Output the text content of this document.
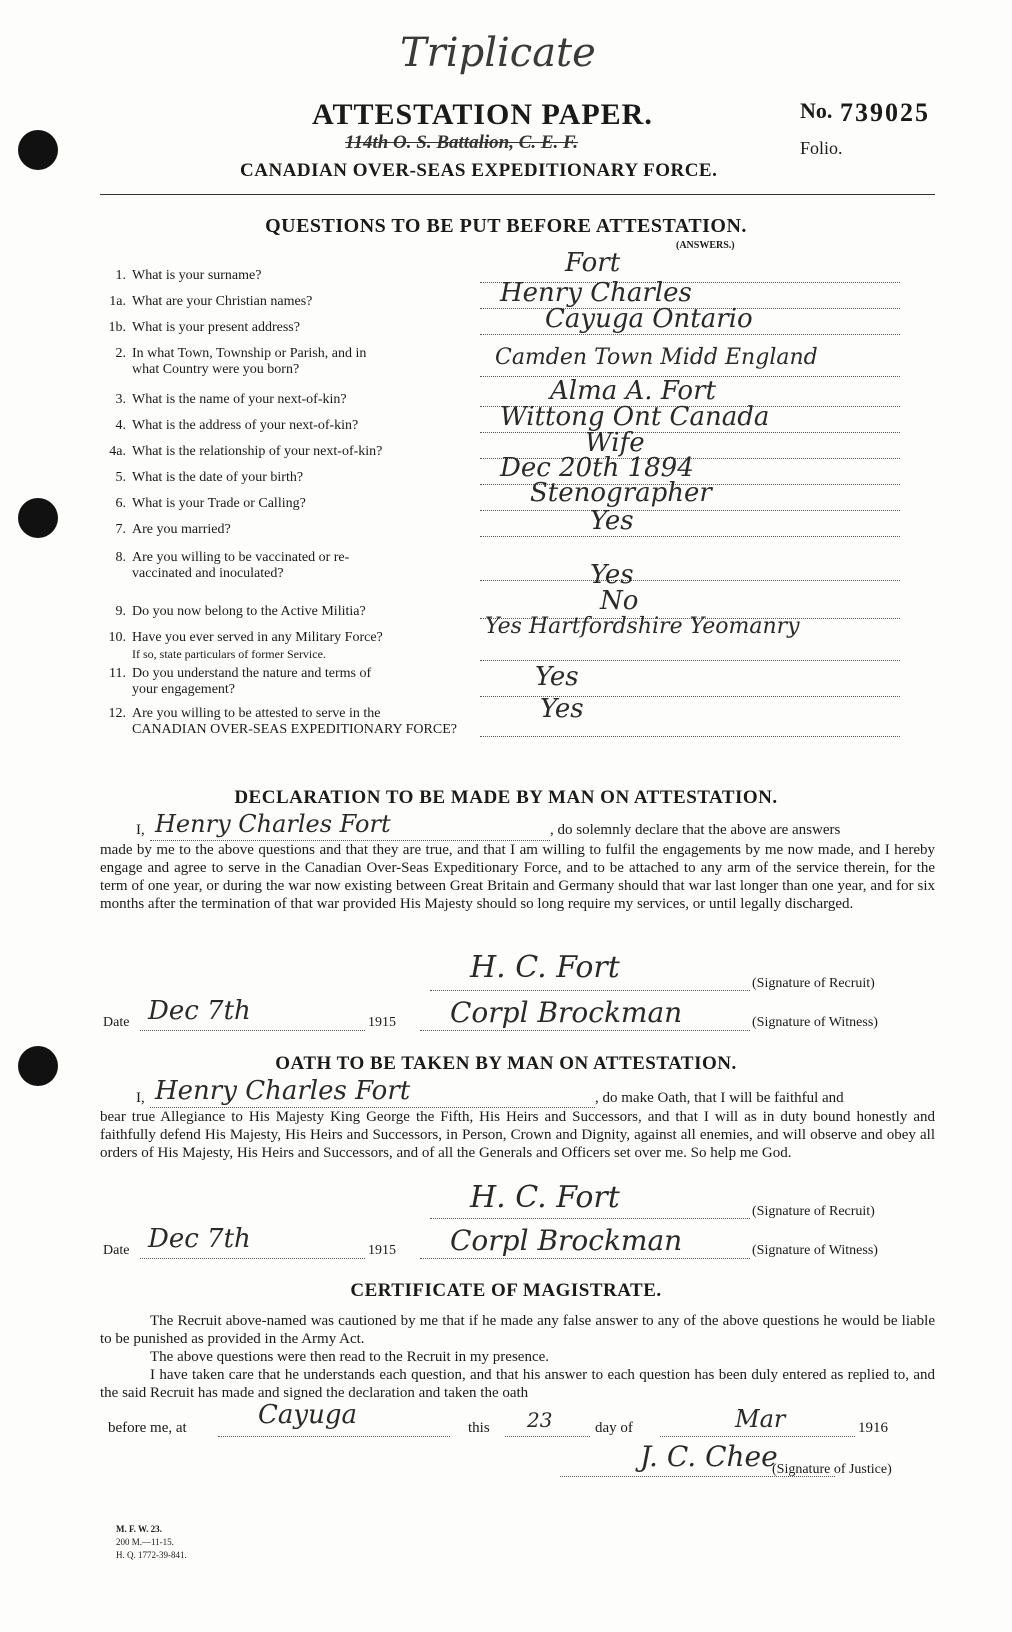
Triplicate
ATTESTATION PAPER.	No. 739025
Folio.
114th O. S. Battalion, C. E. F.
CANADIAN OVER-SEAS EXPEDITIONARY FORCE.
QUESTIONS TO BE PUT BEFORE ATTESTATION.
(ANSWERS.)
1. What is your surname?	Fort
1a. What are your Christian names?	Henry Charles
1b. What is your present address?	Cayuga Ontario
2. In what Town, Township or Parish, and in
what Country were you born?	Camden Town Midd England
3. What is the name of your next-of-kin?	Alma A. Fort
4. What is the address of your next-of-kin?	Wittong Ont Canada
4a. What is the relationship of your next-of-kin?	Wife
5. What is the date of your birth?	Dec 20th 1894
6. What is your Trade or Calling?	Stenographer
7. Are you married?	Yes
8. Are you willing to be vaccinated or re-
vaccinated and inoculated?	Yes
9. Do you now belong to the Active Militia?	No
10. Have you ever served in any Military Force?
If so, state particulars of former Service.
Yes Hartfordshire Yeomanry
11. Do you understand the nature and terms of
your engagement?	Yes
12. Are you willing to be attested to serve in the
CANADIAN OVER-SEAS EXPEDITIONARY FORCE?
Yes
DECLARATION TO BE MADE BY MAN ON ATTESTATION.
I, Henry Charles Fort	, do solemnly declare that the above are answers
made by me to the above questions and that they are true, and that I am willing to fulfil the engagements by me now made, and I hereby engage and agree to serve in the Canadian Over-Seas Expeditionary Force, and to be attached to any arm of the service therein, for the term of one year, or during the war now existing between Great Britain and Germany should that war last longer than one year, and for six months after the termination of that war provided His Majesty should so long require my services, or until legally discharged.
H. C. Fort	(Signature of Recruit)
Date Dec 7th	1915 Corpl Brockman	(Signature of Witness)
OATH TO BE TAKEN BY MAN ON ATTESTATION.
I, Henry Charles Fort	, do make Oath, that I will be faithful and
bear true Allegiance to His Majesty King George the Fifth, His Heirs and Successors, and that I will as in duty bound honestly and faithfully defend His Majesty, His Heirs and Successors, in Person, Crown and Dignity, against all enemies, and will observe and obey all orders of His Majesty, His Heirs and Successors, and of all the Generals and Officers set over me. So help me God.
H. C. Fort	(Signature of Recruit)
Date Dec 7th	1915 Corpl Brockman	(Signature of Witness)
CERTIFICATE OF MAGISTRATE.
The Recruit above-named was cautioned by me that if he made any false answer to any of the above questions he would be liable to be punished as provided in the Army Act.
The above questions were then read to the Recruit in my presence.
I have taken care that he understands each question, and that his answer to each question has been duly entered as replied to, and the said Recruit has made and signed the declaration and taken the oath
before me, at	Cayuga	this 23	day of	Mar	1916
J. C. Chee
(Signature of Justice)
M. F. W. 23.
200 M.—11-15.
H. Q. 1772-39-841.
